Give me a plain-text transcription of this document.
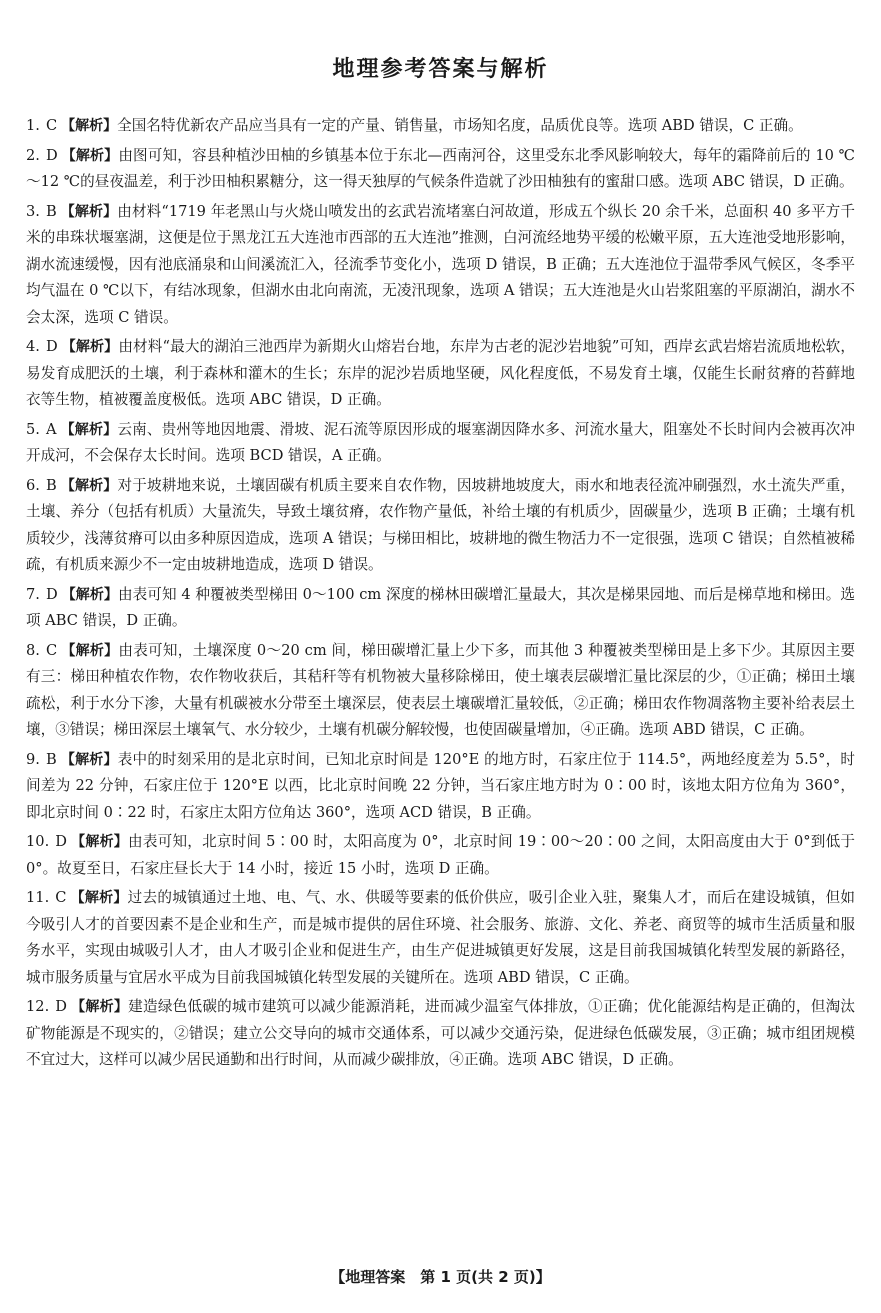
地理参考答案与解析

1. C 【解析】全国名特优新农产品应当具有一定的产量、销售量，市场知名度，品质优良等。选项 ABD 错误，C 正确。

2. D 【解析】由图可知，容县种植沙田柚的乡镇基本位于东北—西南河谷，这里受东北季风影响较大，每年的霜降前后的 10 ℃～12 ℃的昼夜温差，利于沙田柚积累糖分，这一得天独厚的气候条件造就了沙田柚独有的蜜甜口感。选项 ABC 错误，D 正确。

3. B 【解析】由材料“1719 年老黑山与火烧山喷发出的玄武岩流堵塞白河故道，形成五个纵长 20 余千米，总面积 40 多平方千米的串珠状堰塞湖，这便是位于黑龙江五大连池市西部的五大连池”推测，白河流经地势平缓的松嫩平原，五大连池受地形影响，湖水流速缓慢，因有池底涌泉和山间溪流汇入，径流季节变化小，选项 D 错误，B 正确；五大连池位于温带季风气候区，冬季平均气温在 0 ℃以下，有结冰现象，但湖水由北向南流，无凌汛现象，选项 A 错误；五大连池是火山岩浆阻塞的平原湖泊，湖水不会太深，选项 C 错误。

4. D 【解析】由材料“最大的湖泊三池西岸为新期火山熔岩台地，东岸为古老的泥沙岩地貌”可知，西岸玄武岩熔岩流质地松软，易发育成肥沃的土壤，利于森林和灌木的生长；东岸的泥沙岩质地坚硬，风化程度低，不易发育土壤，仅能生长耐贫瘠的苔藓地衣等生物，植被覆盖度极低。选项 ABC 错误，D 正确。

5. A 【解析】云南、贵州等地因地震、滑坡、泥石流等原因形成的堰塞湖因降水多、河流水量大，阻塞处不长时间内会被再次冲开成河，不会保存太长时间。选项 BCD 错误，A 正确。

6. B 【解析】对于坡耕地来说，土壤固碳有机质主要来自农作物，因坡耕地坡度大，雨水和地表径流冲刷强烈，水土流失严重，土壤、养分（包括有机质）大量流失，导致土壤贫瘠，农作物产量低，补给土壤的有机质少，固碳量少，选项 B 正确；土壤有机质较少，浅薄贫瘠可以由多种原因造成，选项 A 错误；与梯田相比，坡耕地的微生物活力不一定很强，选项 C 错误；自然植被稀疏，有机质来源少不一定由坡耕地造成，选项 D 错误。

7. D 【解析】由表可知 4 种覆被类型梯田 0～100 cm 深度的梯林田碳增汇量最大，其次是梯果园地、而后是梯草地和梯田。选项 ABC 错误，D 正确。

8. C 【解析】由表可知，土壤深度 0～20 cm 间，梯田碳增汇量上少下多，而其他 3 种覆被类型梯田是上多下少。其原因主要有三：梯田种植农作物，农作物收获后，其秸秆等有机物被大量移除梯田，使土壤表层碳增汇量比深层的少，①正确；梯田土壤疏松，利于水分下渗，大量有机碳被水分带至土壤深层，使表层土壤碳增汇量较低，②正确；梯田农作物凋落物主要补给表层土壤，③错误；梯田深层土壤氧气、水分较少，土壤有机碳分解较慢，也使固碳量增加，④正确。选项 ABD 错误，C 正确。

9. B 【解析】表中的时刻采用的是北京时间，已知北京时间是 120°E 的地方时，石家庄位于 114.5°，两地经度差为 5.5°，时间差为 22 分钟，石家庄位于 120°E 以西，比北京时间晚 22 分钟，当石家庄地方时为 0∶00 时，该地太阳方位角为 360°，即北京时间 0∶22 时，石家庄太阳方位角达 360°，选项 ACD 错误，B 正确。

10. D 【解析】由表可知，北京时间 5∶00 时，太阳高度为 0°，北京时间 19∶00～20∶00 之间，太阳高度由大于 0°到低于 0°。故夏至日，石家庄昼长大于 14 小时，接近 15 小时，选项 D 正确。

11. C 【解析】过去的城镇通过土地、电、气、水、供暖等要素的低价供应，吸引企业入驻，聚集人才，而后在建设城镇，但如今吸引人才的首要因素不是企业和生产，而是城市提供的居住环境、社会服务、旅游、文化、养老、商贸等的城市生活质量和服务水平，实现由城吸引人才，由人才吸引企业和促进生产，由生产促进城镇更好发展，这是目前我国城镇化转型发展的新路径，城市服务质量与宜居水平成为目前我国城镇化转型发展的关键所在。选项 ABD 错误，C 正确。

12. D 【解析】建造绿色低碳的城市建筑可以减少能源消耗，进而减少温室气体排放，①正确；优化能源结构是正确的，但淘汰矿物能源是不现实的，②错误；建立公交导向的城市交通体系，可以减少交通污染，促进绿色低碳发展，③正确；城市组团规模不宜过大，这样可以减少居民通勤和出行时间，从而减少碳排放，④正确。选项 ABC 错误，D 正确。

【地理答案　第 1 页(共 2 页)】
